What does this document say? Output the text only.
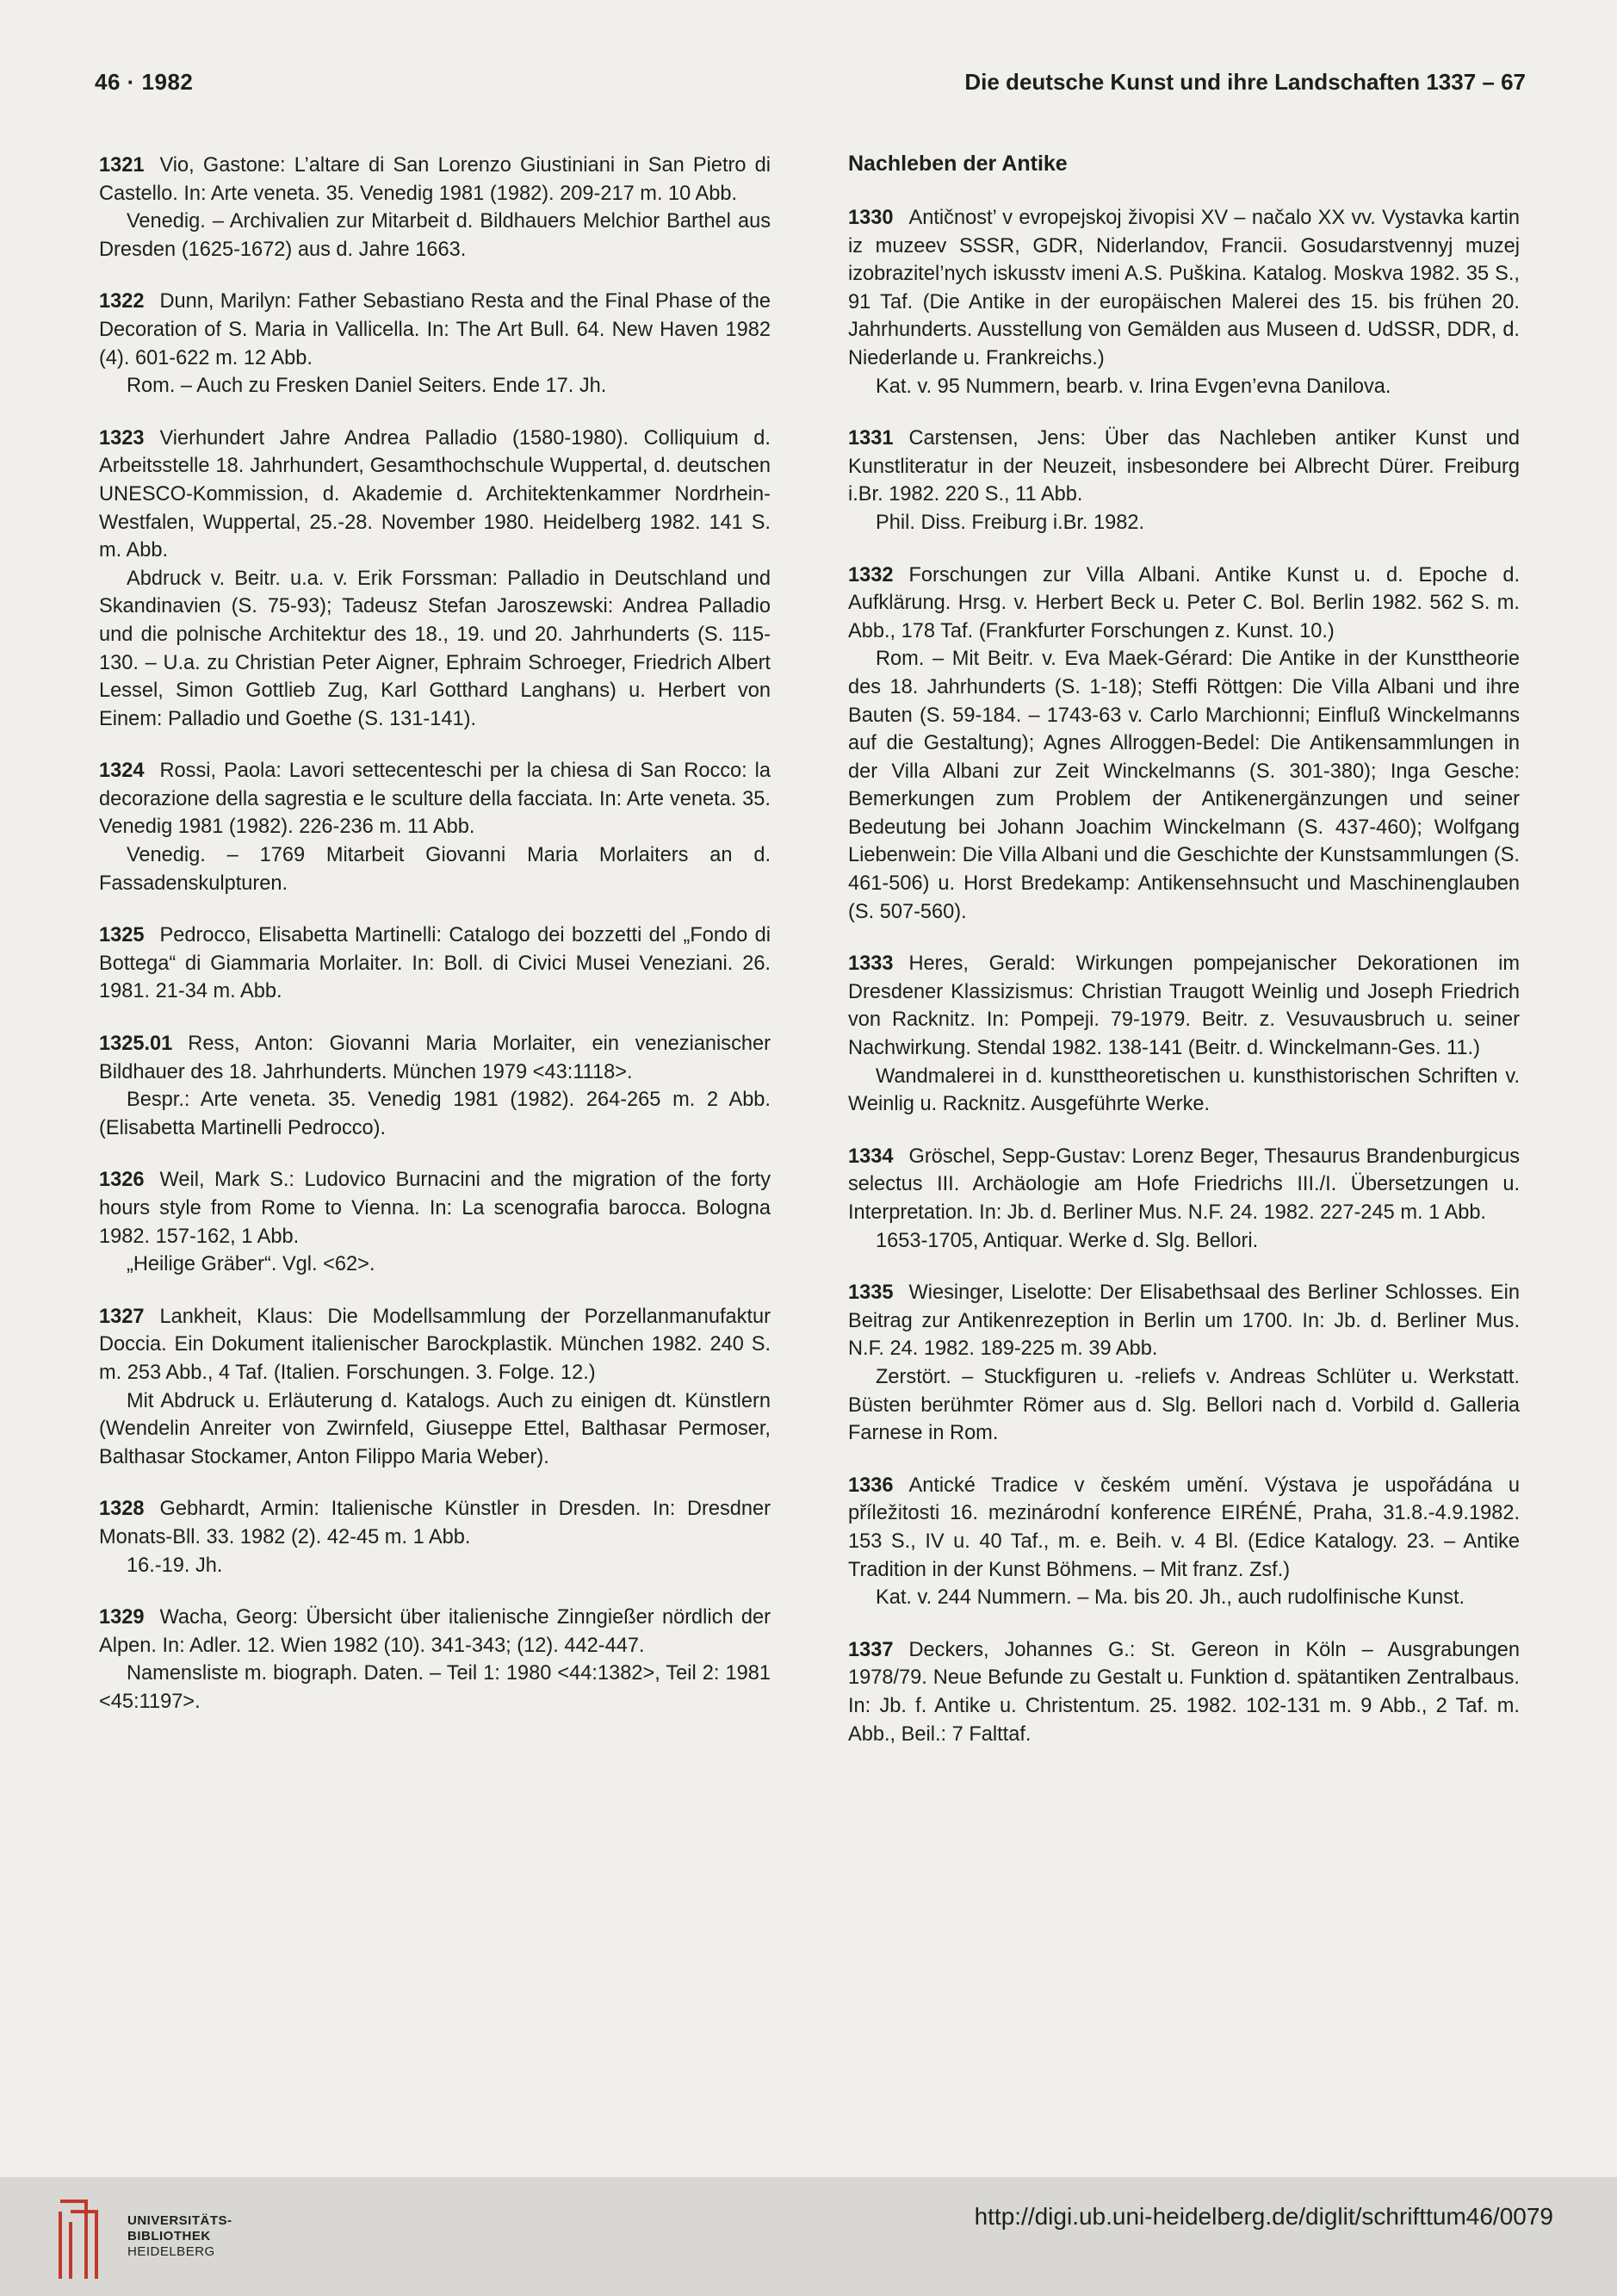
46 · 1982	Die deutsche Kunst und ihre Landschaften 1337 – 67

1321 Vio, Gastone: L’altare di San Lorenzo Giustiniani in San Pietro di Castello. In: Arte veneta. 35. Venedig 1981 (1982). 209-217 m. 10 Abb.

Venedig. – Archivalien zur Mitarbeit d. Bildhauers Melchior Barthel aus Dresden (1625-1672) aus d. Jahre 1663.

1322 Dunn, Marilyn: Father Sebastiano Resta and the Final Phase of the Decoration of S. Maria in Vallicella. In: The Art Bull. 64. New Haven 1982 (4). 601-622 m. 12 Abb.

Rom. – Auch zu Fresken Daniel Seiters. Ende 17. Jh.

1323 Vierhundert Jahre Andrea Palladio (1580-1980). Colliquium d. Arbeitsstelle 18. Jahrhundert, Gesamthochschule Wuppertal, d. deutschen UNESCO-Kommission, d. Akademie d. Architektenkammer Nordrhein-Westfalen, Wuppertal, 25.-28. November 1980. Heidelberg 1982. 141 S. m. Abb.

Abdruck v. Beitr. u.a. v. Erik Forssman: Palladio in Deutschland und Skandinavien (S. 75-93); Tadeusz Stefan Jaroszewski: Andrea Palladio und die polnische Architektur des 18., 19. und 20. Jahrhunderts (S. 115-130. – U.a. zu Christian Peter Aigner, Ephraim Schroeger, Friedrich Albert Lessel, Simon Gottlieb Zug, Karl Gotthard Langhans) u. Herbert von Einem: Palladio und Goethe (S. 131-141).

1324 Rossi, Paola: Lavori settecenteschi per la chiesa di San Rocco: la decorazione della sagrestia e le sculture della facciata. In: Arte veneta. 35. Venedig 1981 (1982). 226-236 m. 11 Abb.

Venedig. – 1769 Mitarbeit Giovanni Maria Morlaiters an d. Fassadenskulpturen.

1325 Pedrocco, Elisabetta Martinelli: Catalogo dei bozzetti del „Fondo di Bottega“ di Giammaria Morlaiter. In: Boll. di Civici Musei Veneziani. 26. 1981. 21-34 m. Abb.

1325.01 Ress, Anton: Giovanni Maria Morlaiter, ein venezianischer Bildhauer des 18. Jahrhunderts. München 1979 <43:1118>.

Bespr.: Arte veneta. 35. Venedig 1981 (1982). 264-265 m. 2 Abb. (Elisabetta Martinelli Pedrocco).

1326 Weil, Mark S.: Ludovico Burnacini and the migration of the forty hours style from Rome to Vienna. In: La scenografia barocca. Bologna 1982. 157-162, 1 Abb.

„Heilige Gräber“. Vgl. <62>.

1327 Lankheit, Klaus: Die Modellsammlung der Porzellanmanufaktur Doccia. Ein Dokument italienischer Barockplastik. München 1982. 240 S. m. 253 Abb., 4 Taf. (Italien. Forschungen. 3. Folge. 12.)

Mit Abdruck u. Erläuterung d. Katalogs. Auch zu einigen dt. Künstlern (Wendelin Anreiter von Zwirnfeld, Giuseppe Ettel, Balthasar Permoser, Balthasar Stockamer, Anton Filippo Maria Weber).

1328 Gebhardt, Armin: Italienische Künstler in Dresden. In: Dresdner Monats-Bll. 33. 1982 (2). 42-45 m. 1 Abb.

16.-19. Jh.

1329 Wacha, Georg: Übersicht über italienische Zinngießer nördlich der Alpen. In: Adler. 12. Wien 1982 (10). 341-343; (12). 442-447.

Namensliste m. biograph. Daten. – Teil 1: 1980 <44:1382>, Teil 2: 1981 <45:1197>.

Nachleben der Antike

1330 Antičnost’ v evropejskoj živopisi XV – načalo XX vv. Vystavka kartin iz muzeev SSSR, GDR, Niderlandov, Francii. Gosudarstvennyj muzej izobrazitel’nych iskusstv imeni A.S. Puškina. Katalog. Moskva 1982. 35 S., 91 Taf. (Die Antike in der europäischen Malerei des 15. bis frühen 20. Jahrhunderts. Ausstellung von Gemälden aus Museen d. UdSSR, DDR, d. Niederlande u. Frankreichs.)

Kat. v. 95 Nummern, bearb. v. Irina Evgen’evna Danilova.

1331 Carstensen, Jens: Über das Nachleben antiker Kunst und Kunstliteratur in der Neuzeit, insbesondere bei Albrecht Dürer. Freiburg i.Br. 1982. 220 S., 11 Abb.

Phil. Diss. Freiburg i.Br. 1982.

1332 Forschungen zur Villa Albani. Antike Kunst u. d. Epoche d. Aufklärung. Hrsg. v. Herbert Beck u. Peter C. Bol. Berlin 1982. 562 S. m. Abb., 178 Taf. (Frankfurter Forschungen z. Kunst. 10.)

Rom. – Mit Beitr. v. Eva Maek-Gérard: Die Antike in der Kunsttheorie des 18. Jahrhunderts (S. 1-18); Steffi Röttgen: Die Villa Albani und ihre Bauten (S. 59-184. – 1743-63 v. Carlo Marchionni; Einfluß Winckelmanns auf die Gestaltung); Agnes Allroggen-Bedel: Die Antikensammlungen in der Villa Albani zur Zeit Winckelmanns (S. 301-380); Inga Gesche: Bemerkungen zum Problem der Antikenergänzungen und seiner Bedeutung bei Johann Joachim Winckelmann (S. 437-460); Wolfgang Liebenwein: Die Villa Albani und die Geschichte der Kunstsammlungen (S. 461-506) u. Horst Bredekamp: Antikensehnsucht und Maschinenglauben (S. 507-560).

1333 Heres, Gerald: Wirkungen pompejanischer Dekorationen im Dresdener Klassizismus: Christian Traugott Weinlig und Joseph Friedrich von Racknitz. In: Pompeji. 79-1979. Beitr. z. Vesuvausbruch u. seiner Nachwirkung. Stendal 1982. 138-141 (Beitr. d. Winckelmann-Ges. 11.)

Wandmalerei in d. kunsttheoretischen u. kunsthistorischen Schriften v. Weinlig u. Racknitz. Ausgeführte Werke.

1334 Gröschel, Sepp-Gustav: Lorenz Beger, Thesaurus Brandenburgicus selectus III. Archäologie am Hofe Friedrichs III./I. Übersetzungen u. Interpretation. In: Jb. d. Berliner Mus. N.F. 24. 1982. 227-245 m. 1 Abb.

1653-1705, Antiquar. Werke d. Slg. Bellori.

1335 Wiesinger, Liselotte: Der Elisabethsaal des Berliner Schlosses. Ein Beitrag zur Antikenrezeption in Berlin um 1700. In: Jb. d. Berliner Mus. N.F. 24. 1982. 189-225 m. 39 Abb.

Zerstört. – Stuckfiguren u. -reliefs v. Andreas Schlüter u. Werkstatt. Büsten berühmter Römer aus d. Slg. Bellori nach d. Vorbild d. Galleria Farnese in Rom.

1336 Antické Tradice v českém umění. Výstava je uspořádána u příležitosti 16. mezinárodní konference EIRÉNÉ, Praha, 31.8.-4.9.1982. 153 S., IV u. 40 Taf., m. e. Beih. v. 4 Bl. (Edice Katalogy. 23. – Antike Tradition in der Kunst Böhmens. – Mit franz. Zsf.)

Kat. v. 244 Nummern. – Ma. bis 20. Jh., auch rudolfinische Kunst.

1337 Deckers, Johannes G.: St. Gereon in Köln – Ausgrabungen 1978/79. Neue Befunde zu Gestalt u. Funktion d. spätantiken Zentralbaus. In: Jb. f. Antike u. Christentum. 25. 1982. 102-131 m. 9 Abb., 2 Taf. m. Abb., Beil.: 7 Falttaf.

UNIVERSITÄTS-
BIBLIOTHEK
HEIDELBERG
http://digi.ub.uni-heidelberg.de/diglit/schrifttum46/0079
